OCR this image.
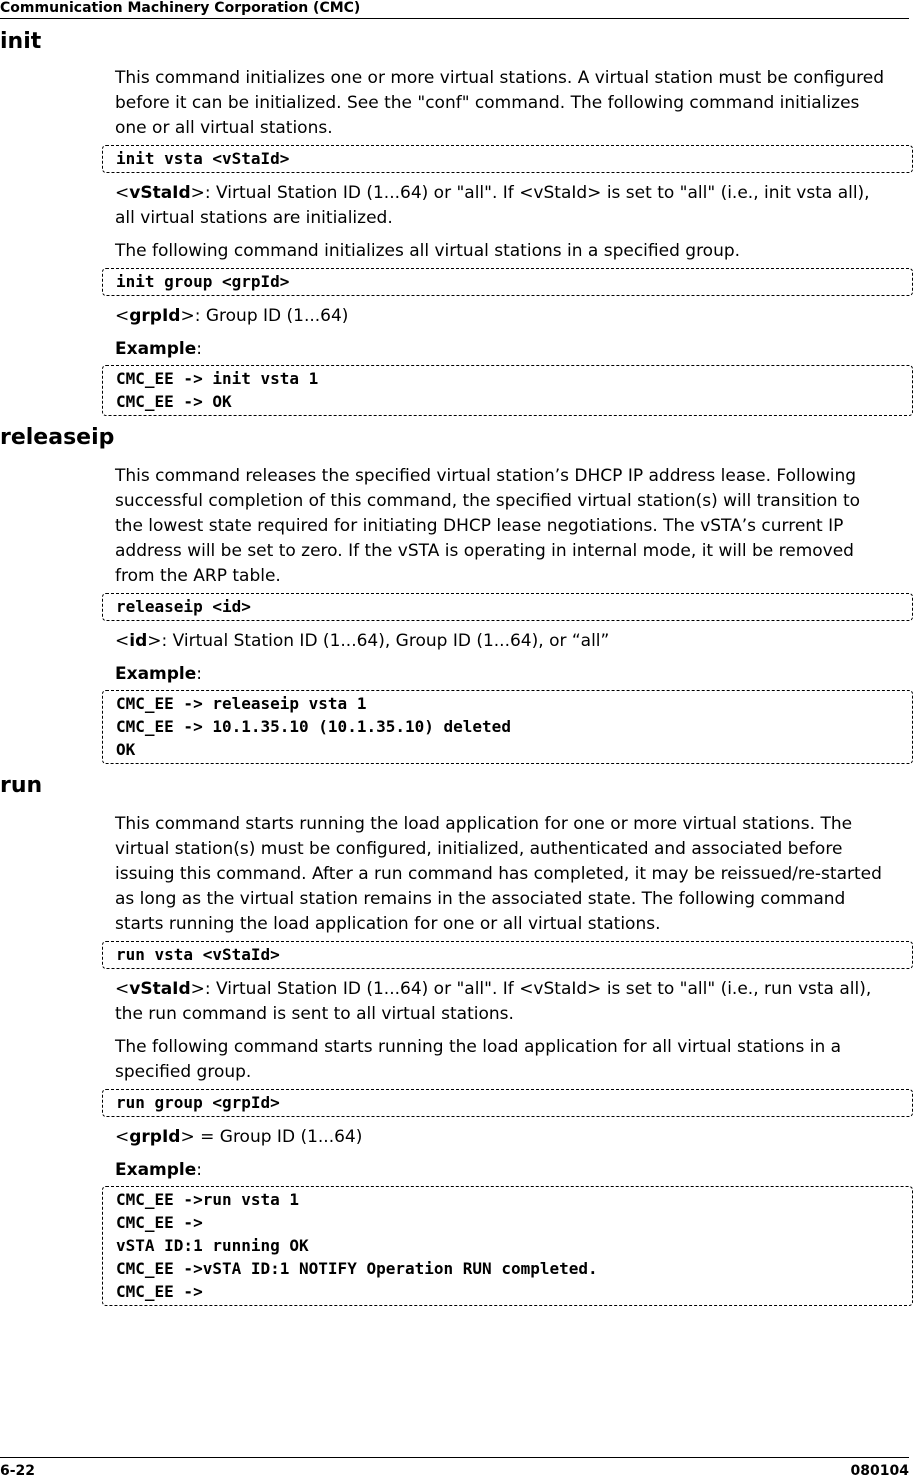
Communication Machinery Corporation (CMC)
init

This command initializes one or more virtual stations. A virtual station must be configured before it can be initialized. See the "conf" command. The following command initializes one or all virtual stations.

init vsta <vStaId>

<vStaId>: Virtual Station ID (1...64) or "all". If <vStaId> is set to "all" (i.e., init vsta all), all virtual stations are initialized.

The following command initializes all virtual stations in a specified group.

init group <grpId>

<grpId>: Group ID (1...64)

Example:

CMC_EE -> init vsta 1
CMC_EE -> OK
releaseip

This command releases the specified virtual station’s DHCP IP address lease. Following successful completion of this command, the specified virtual station(s) will transition to the lowest state required for initiating DHCP lease negotiations. The vSTA’s current IP address will be set to zero. If the vSTA is operating in internal mode, it will be removed from the ARP table.

releaseip <id>

<id>: Virtual Station ID (1...64), Group ID (1...64), or “all”

Example:

CMC_EE -> releaseip vsta 1
CMC_EE -> 10.1.35.10 (10.1.35.10) deleted
OK
run

This command starts running the load application for one or more virtual stations. The virtual station(s) must be configured, initialized, authenticated and associated before issuing this command. After a run command has completed, it may be reissued/re-started as long as the virtual station remains in the associated state. The following command starts running the load application for one or all virtual stations.

run vsta <vStaId>

<vStaId>: Virtual Station ID (1...64) or "all". If <vStaId> is set to "all" (i.e., run vsta all), the run command is sent to all virtual stations.

The following command starts running the load application for all virtual stations in a specified group.

run group <grpId>

<grpId> = Group ID (1...64)

Example:

CMC_EE ->run vsta 1
CMC_EE ->
vSTA ID:1 running OK
CMC_EE ->vSTA ID:1 NOTIFY Operation RUN completed.
CMC_EE ->
6-22	080104
